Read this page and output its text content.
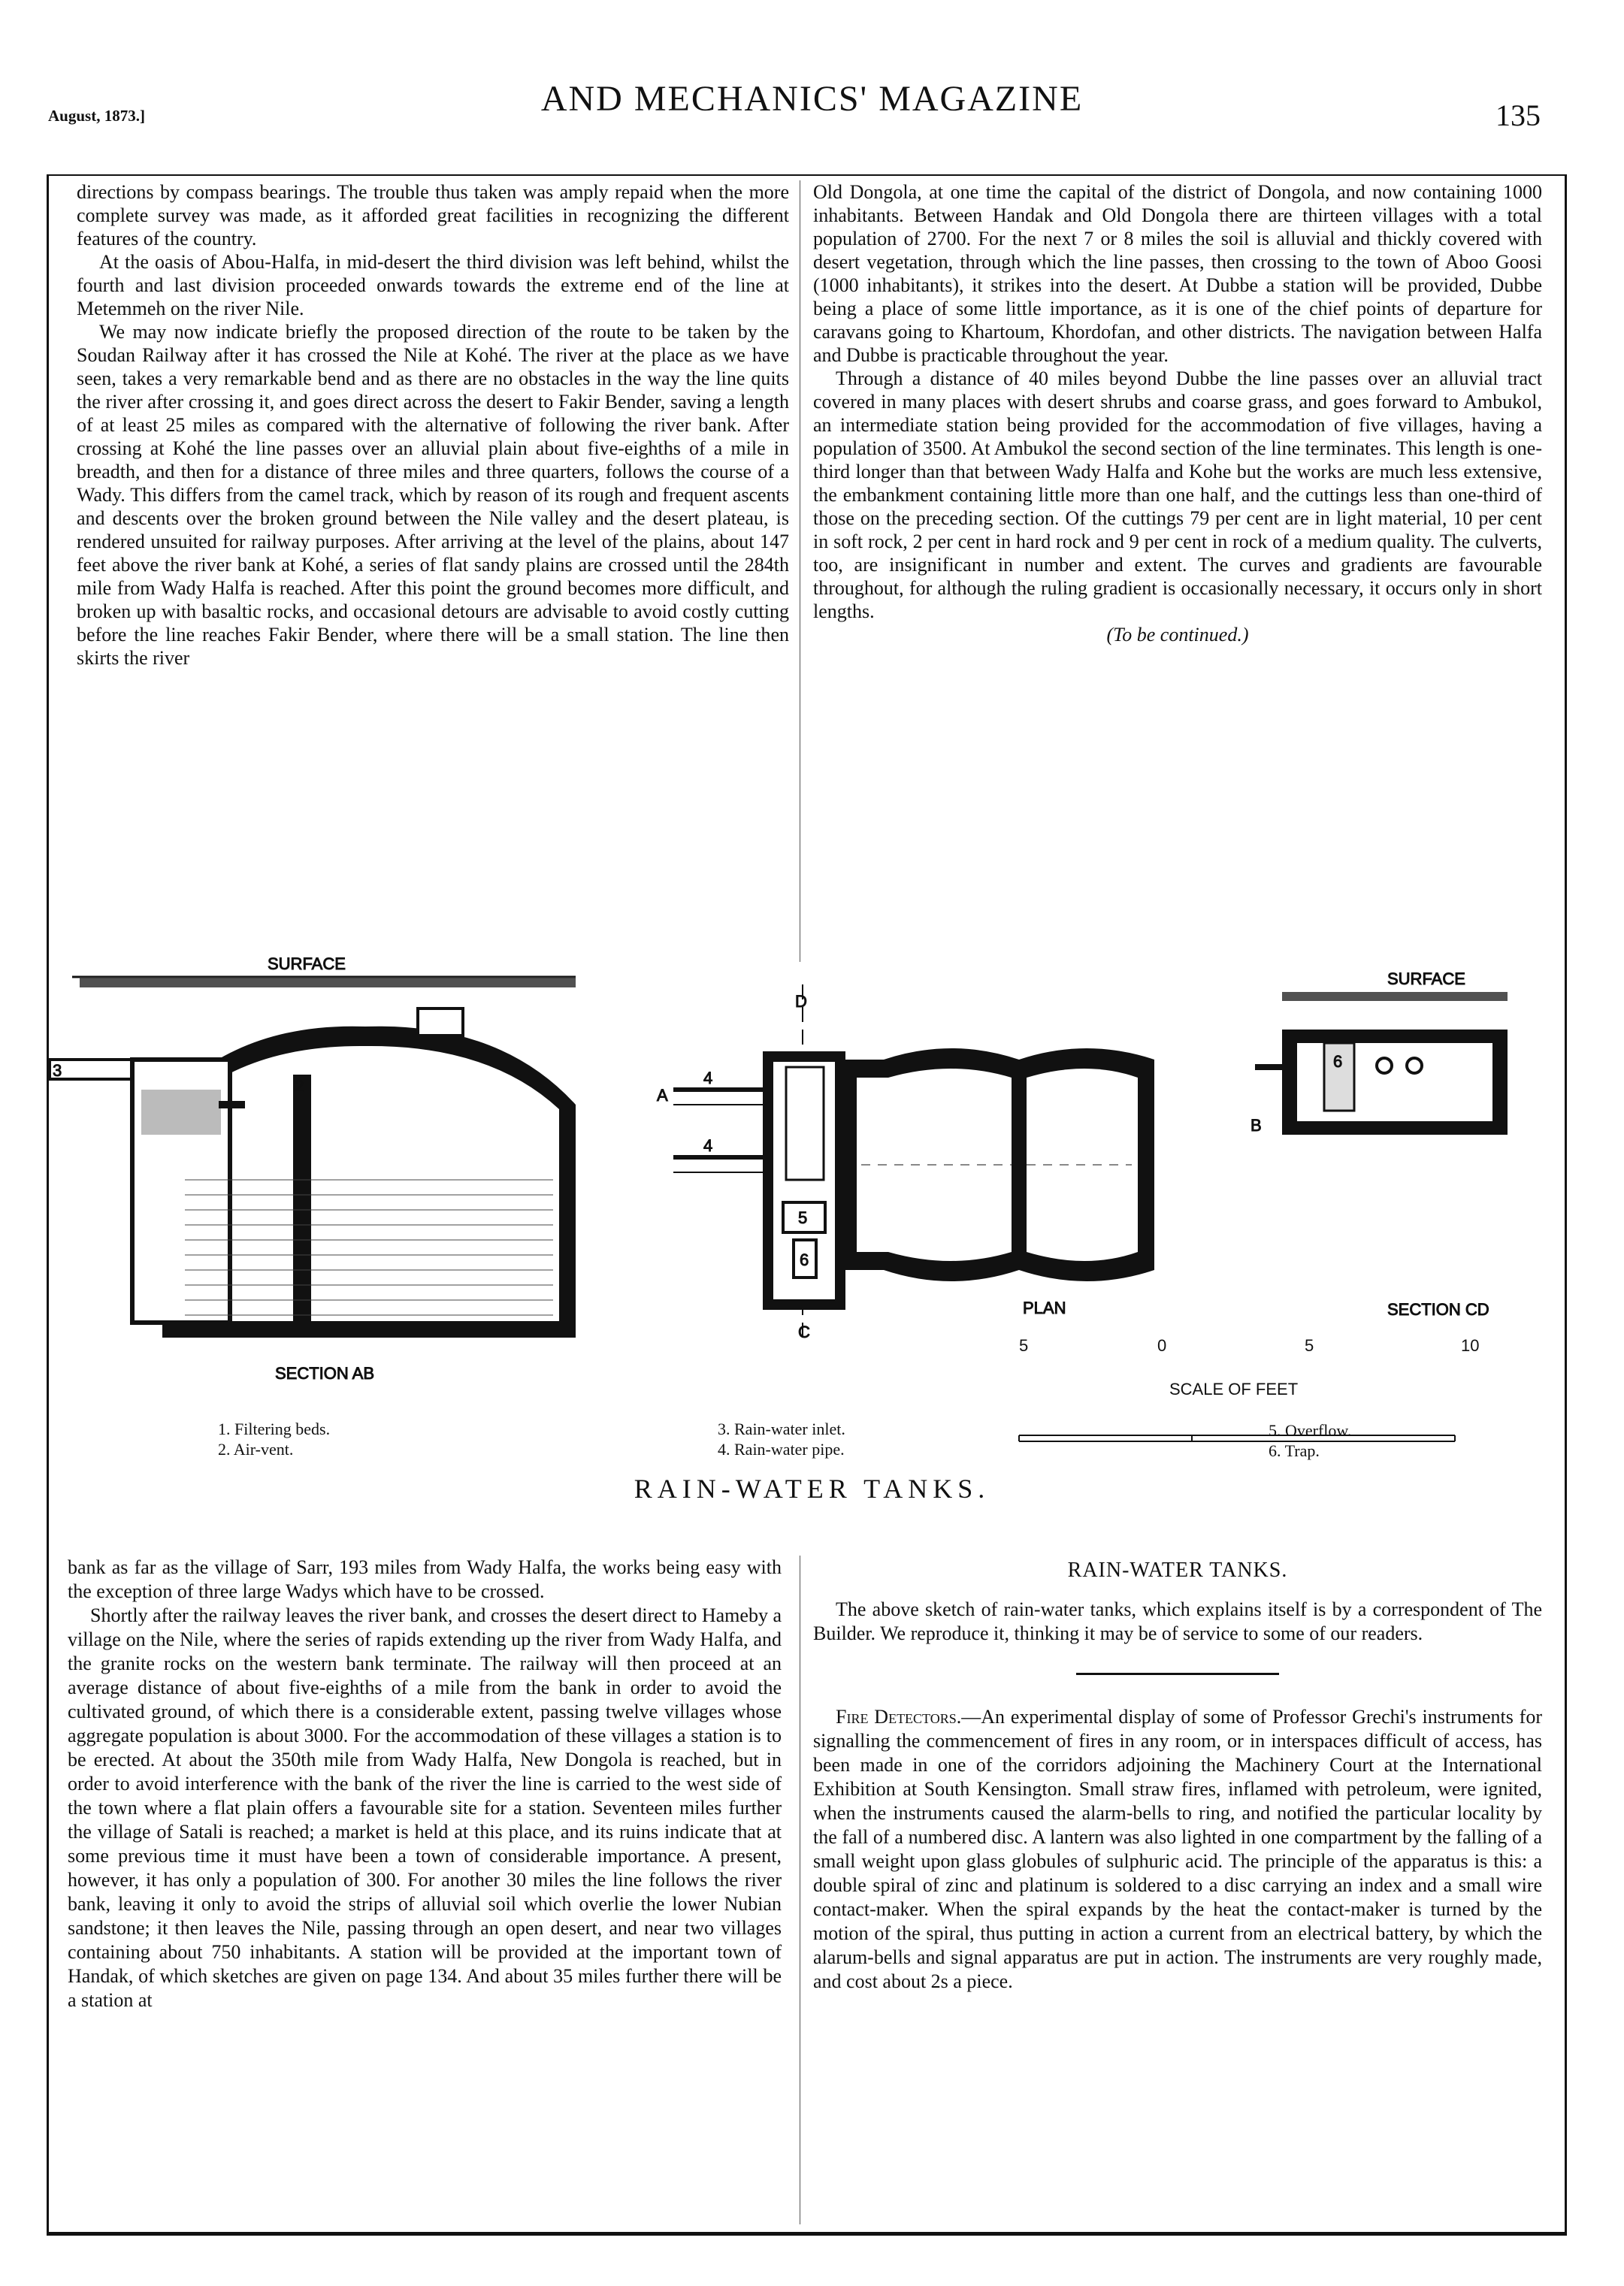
August, 1873.]	AND MECHANICS' MAGAZINE	135

directions by compass bearings. The trouble thus taken was amply repaid when the more complete survey was made, as it afforded great facilities in recognizing the different features of the country.

At the oasis of Abou-Halfa, in mid-desert the third division was left behind, whilst the fourth and last division proceeded onwards towards the extreme end of the line at Metemmeh on the river Nile.

We may now indicate briefly the proposed direction of the route to be taken by the Soudan Railway after it has crossed the Nile at Kohé. The river at the place as we have seen, takes a very remarkable bend and as there are no obstacles in the way the line quits the river after crossing it, and goes direct across the desert to Fakir Bender, saving a length of at least 25 miles as compared with the alternative of following the river bank. After crossing at Kohé the line passes over an alluvial plain about five-eighths of a mile in breadth, and then for a distance of three miles and three quarters, follows the course of a Wady. This differs from the camel track, which by reason of its rough and frequent ascents and descents over the broken ground between the Nile valley and the desert plateau, is rendered unsuited for railway purposes. After arriving at the level of the plains, about 147 feet above the river bank at Kohé, a series of flat sandy plains are crossed until the 284th mile from Wady Halfa is reached. After this point the ground becomes more difficult, and broken up with basaltic rocks, and occasional detours are advisable to avoid costly cutting before the line reaches Fakir Bender, where there will be a small station. The line then skirts the river

Old Dongola, at one time the capital of the district of Dongola, and now containing 1000 inhabitants. Between Handak and Old Dongola there are thirteen villages with a total population of 2700. For the next 7 or 8 miles the soil is alluvial and thickly covered with desert vegetation, through which the line passes, then crossing to the town of Aboo Goosi (1000 inhabitants), it strikes into the desert. At Dubbe a station will be provided, Dubbe being a place of some little importance, as it is one of the chief points of departure for caravans going to Khartoum, Khordofan, and other districts. The navigation between Halfa and Dubbe is practicable throughout the year.

Through a distance of 40 miles beyond Dubbe the line passes over an alluvial tract covered in many places with desert shrubs and coarse grass, and goes forward to Ambukol, an intermediate station being provided for the accommodation of five villages, having a population of 3500. At Ambukol the second section of the line terminates. This length is one-third longer than that between Wady Halfa and Kohe but the works are much less extensive, the embankment containing little more than one half, and the cuttings less than one-third of those on the preceding section. Of the cuttings 79 per cent are in light material, 10 per cent in soft rock, 2 per cent in hard rock and 9 per cent in rock of a medium quality. The culverts, too, are insignificant in number and extent. The curves and gradients are favourable throughout, for although the ruling gradient is occasionally necessary, it occurs only in short lengths.

(To be continued.)

SURFACE
3
2
SECTION AB
D
4
4
A
5
6
C
PLAN
SURFACE
6
B
SECTION CD
5	0	5	10
SCALE OF FEET
1. Filtering beds.
2. Air-vent.
3. Rain-water inlet.
4. Rain-water pipe.
5. Overflow.
6. Trap.
RAIN-WATER TANKS.

bank as far as the village of Sarr, 193 miles from Wady Halfa, the works being easy with the exception of three large Wadys which have to be crossed.

Shortly after the railway leaves the river bank, and crosses the desert direct to Hameby a village on the Nile, where the series of rapids extending up the river from Wady Halfa, and the granite rocks on the western bank terminate. The railway will then proceed at an average distance of about five-eighths of a mile from the bank in order to avoid the cultivated ground, of which there is a considerable extent, passing twelve villages whose aggregate population is about 3000. For the accommodation of these villages a station is to be erected. At about the 350th mile from Wady Halfa, New Dongola is reached, but in order to avoid interference with the bank of the river the line is carried to the west side of the town where a flat plain offers a favourable site for a station. Seventeen miles further the village of Satali is reached; a market is held at this place, and its ruins indicate that at some previous time it must have been a town of considerable importance. A present, however, it has only a population of 300. For another 30 miles the line follows the river bank, leaving it only to avoid the strips of alluvial soil which overlie the lower Nubian sandstone; it then leaves the Nile, passing through an open desert, and near two villages containing about 750 inhabitants. A station will be provided at the important town of Handak, of which sketches are given on page 134. And about 35 miles further there will be a station at

RAIN-WATER TANKS.

The above sketch of rain-water tanks, which explains itself is by a correspondent of The Builder. We reproduce it, thinking it may be of service to some of our readers.

Fire Detectors.—An experimental display of some of Professor Grechi's instruments for signalling the commencement of fires in any room, or in interspaces difficult of access, has been made in one of the corridors adjoining the Machinery Court at the International Exhibition at South Kensington. Small straw fires, inflamed with petroleum, were ignited, when the instruments caused the alarm-bells to ring, and notified the particular locality by the fall of a numbered disc. A lantern was also lighted in one compartment by the falling of a small weight upon glass globules of sulphuric acid. The principle of the apparatus is this: a double spiral of zinc and platinum is soldered to a disc carrying an index and a small wire contact-maker. When the spiral expands by the heat the contact-maker is turned by the motion of the spiral, thus putting in action a current from an electrical battery, by which the alarum-bells and signal apparatus are put in action. The instruments are very roughly made, and cost about 2s a piece.
